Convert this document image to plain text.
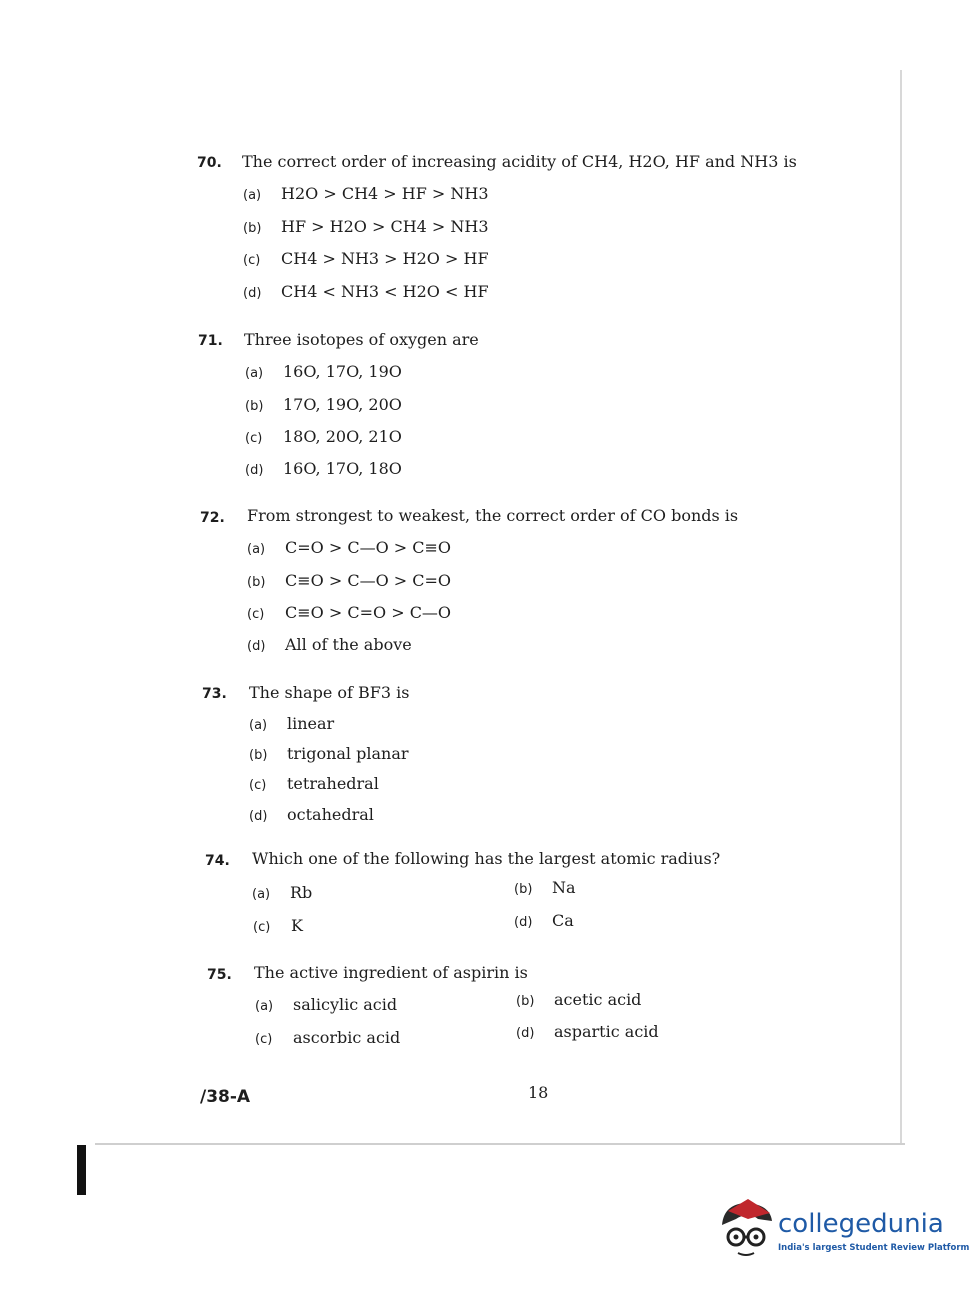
70. The correct order of increasing acidity of CH4, H2O, HF and NH3 is
(a) H2O > CH4 > HF > NH3
(b) HF > H2O > CH4 > NH3
(c) CH4 > NH3 > H2O > HF
(d) CH4 < NH3 < H2O < HF
71. Three isotopes of oxygen are
(a) 16O, 17O, 19O
(b) 17O, 19O, 20O
(c) 18O, 20O, 21O
(d) 16O, 17O, 18O
72. From strongest to weakest, the correct order of CO bonds is
(a) C=O > C—O > C≡O
(b) C≡O > C—O > C=O
(c) C≡O > C=O > C—O
(d) All of the above
73. The shape of BF3 is
(a) linear
(b) trigonal planar
(c) tetrahedral
(d) octahedral
74. Which one of the following has the largest atomic radius?
(a) Rb	(b) Na
(c) K	(d) Ca
75. The active ingredient of aspirin is
(a) salicylic acid	(b) acetic acid
(c) ascorbic acid	(d) aspartic acid
/38-A	18
collegedunia
India's largest Student Review Platform
